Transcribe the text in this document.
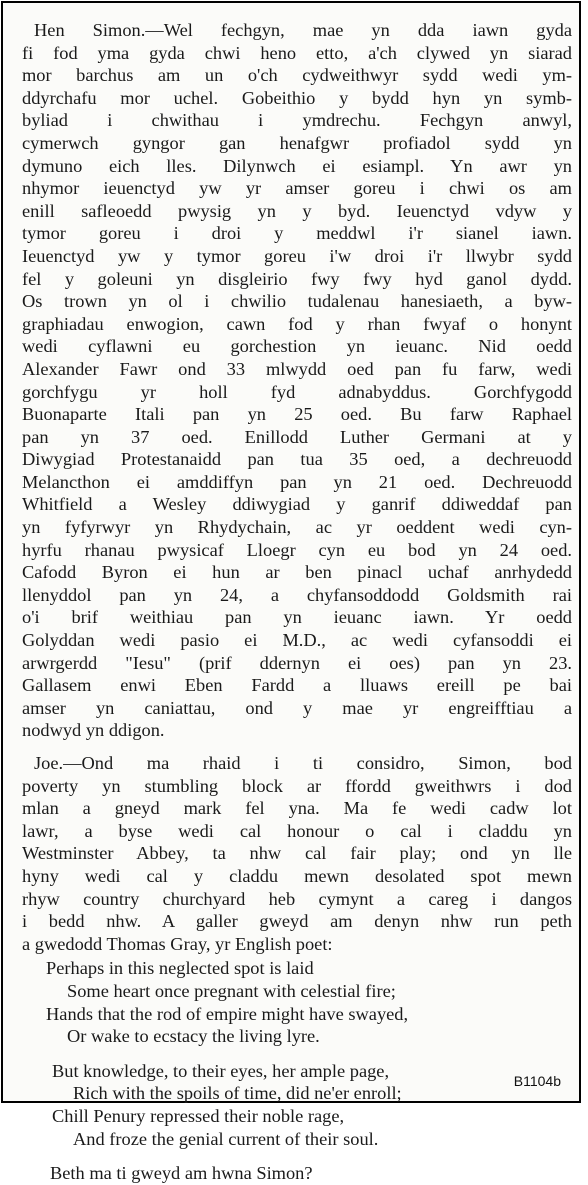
Hen Simon.—Wel fechgyn, mae yn dda iawn gyda
fi fod yma gyda chwi heno etto, a'ch clywed yn siarad
mor barchus am un o'ch cydweithwyr sydd wedi ym-
ddyrchafu mor uchel. Gobeithio y bydd hyn yn symb-
byliad i chwithau i ymdrechu. Fechgyn anwyl,
cymerwch gyngor gan henafgwr profiadol sydd yn
dymuno eich lles. Dilynwch ei esiampl. Yn awr yn
nhymor ieuenctyd yw yr amser goreu i chwi os am
enill safleoedd pwysig yn y byd. Ieuenctyd vdyw y
tymor goreu i droi y meddwl i'r sianel iawn.
Ieuenctyd yw y tymor goreu i'w droi i'r llwybr sydd
fel y goleuni yn disgleirio fwy fwy hyd ganol dydd.
Os trown yn ol i chwilio tudalenau hanesiaeth, a byw-
graphiadau enwogion, cawn fod y rhan fwyaf o honynt
wedi cyflawni eu gorchestion yn ieuanc. Nid oedd
Alexander Fawr ond 33 mlwydd oed pan fu farw, wedi
gorchfygu yr holl fyd adnabyddus. Gorchfygodd
Buonaparte Itali pan yn 25 oed. Bu farw Raphael
pan yn 37 oed. Enillodd Luther Germani at y
Diwygiad Protestanaidd pan tua 35 oed, a dechreuodd
Melancthon ei amddiffyn pan yn 21 oed. Dechreuodd
Whitfield a Wesley ddiwygiad y ganrif ddiweddaf pan
yn fyfyrwyr yn Rhydychain, ac yr oeddent wedi cyn-
hyrfu rhanau pwysicaf Lloegr cyn eu bod yn 24 oed.
Cafodd Byron ei hun ar ben pinacl uchaf anrhydedd
llenyddol pan yn 24, a chyfansoddodd Goldsmith rai
o'i brif weithiau pan yn ieuanc iawn. Yr oedd
Golyddan wedi pasio ei M.D., ac wedi cyfansoddi ei
arwrgerdd "Iesu" (prif ddernyn ei oes) pan yn 23.
Gallasem enwi Eben Fardd a lluaws ereill pe bai
amser yn caniattau, ond y mae yr engreifftiau a
nodwyd yn ddigon.
Joe.—Ond ma rhaid i ti considro, Simon, bod
poverty yn stumbling block ar ffordd gweithwrs i dod
mlan a gneyd mark fel yna. Ma fe wedi cadw lot
lawr, a byse wedi cal honour o cal i claddu yn
Westminster Abbey, ta nhw cal fair play; ond yn lle
hyny wedi cal y claddu mewn desolated spot mewn
rhyw country churchyard heb cymynt a careg i dangos
i bedd nhw. A galler gweyd am denyn nhw run peth
a gwedodd Thomas Gray, yr English poet:
Perhaps in this neglected spot is laid
Some heart once pregnant with celestial fire;
Hands that the rod of empire might have swayed,
Or wake to ecstacy the living lyre.
But knowledge, to their eyes, her ample page,
Rich with the spoils of time, did ne'er enroll;
Chill Penury repressed their noble rage,
And froze the genial current of their soul.
Beth ma ti gweyd am hwna Simon?
B1104b
